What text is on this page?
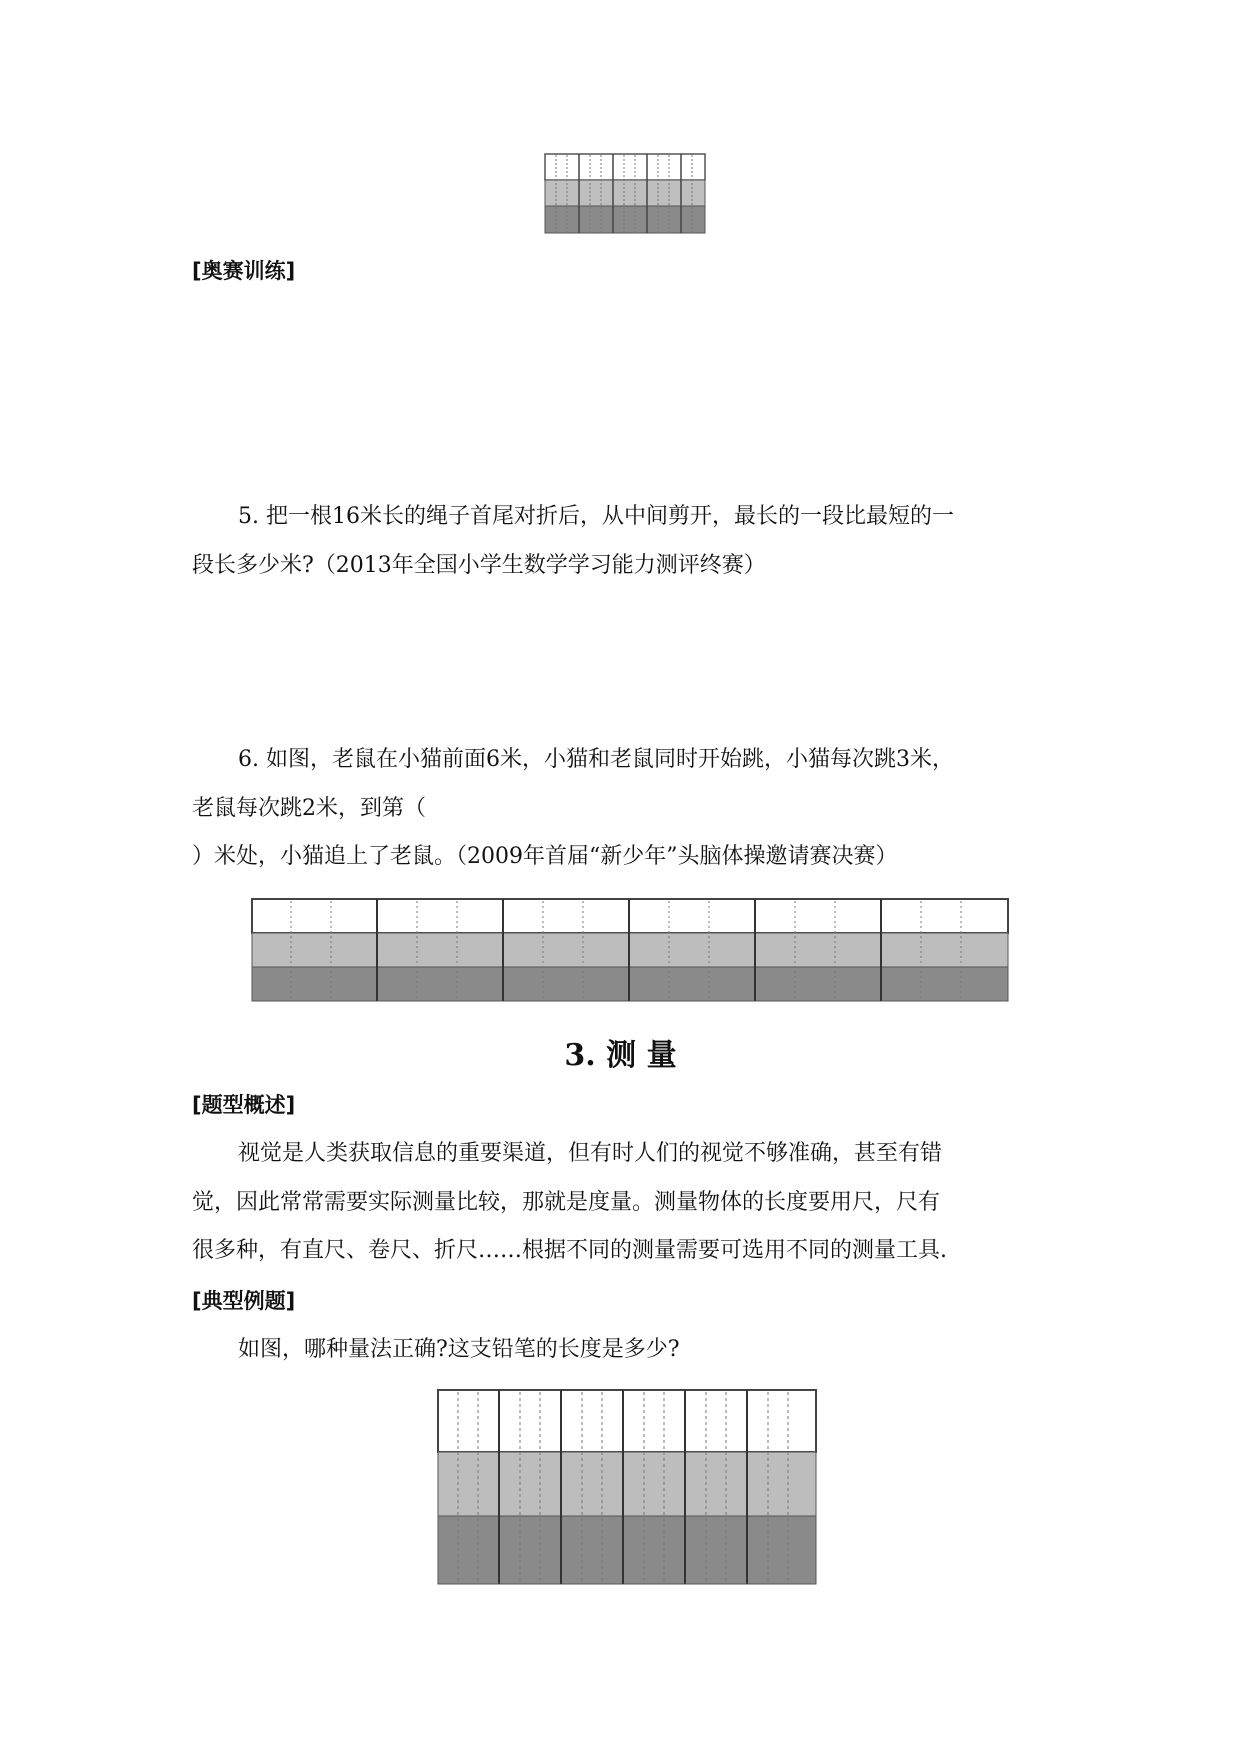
[奥赛训练]

5. 把一根16米长的绳子首尾对折后，从中间剪开，最长的一段比最短的一

段长多少米?（2013年全国小学生数学学习能力测评终赛）

6. 如图，老鼠在小猫前面6米，小猫和老鼠同时开始跳，小猫每次跳3米，

老鼠每次跳2米，到第（

）米处，小猫追上了老鼠。（2009年首届“新少年”头脑体操邀请赛决赛）

3. 测 量

[题型概述]

视觉是人类获取信息的重要渠道，但有时人们的视觉不够准确，甚至有错

觉，因此常常需要实际测量比较，那就是度量。测量物体的长度要用尺，尺有

很多种，有直尺、卷尺、折尺……根据不同的测量需要可选用不同的测量工具.

[典型例题]

如图，哪种量法正确?这支铅笔的长度是多少?
